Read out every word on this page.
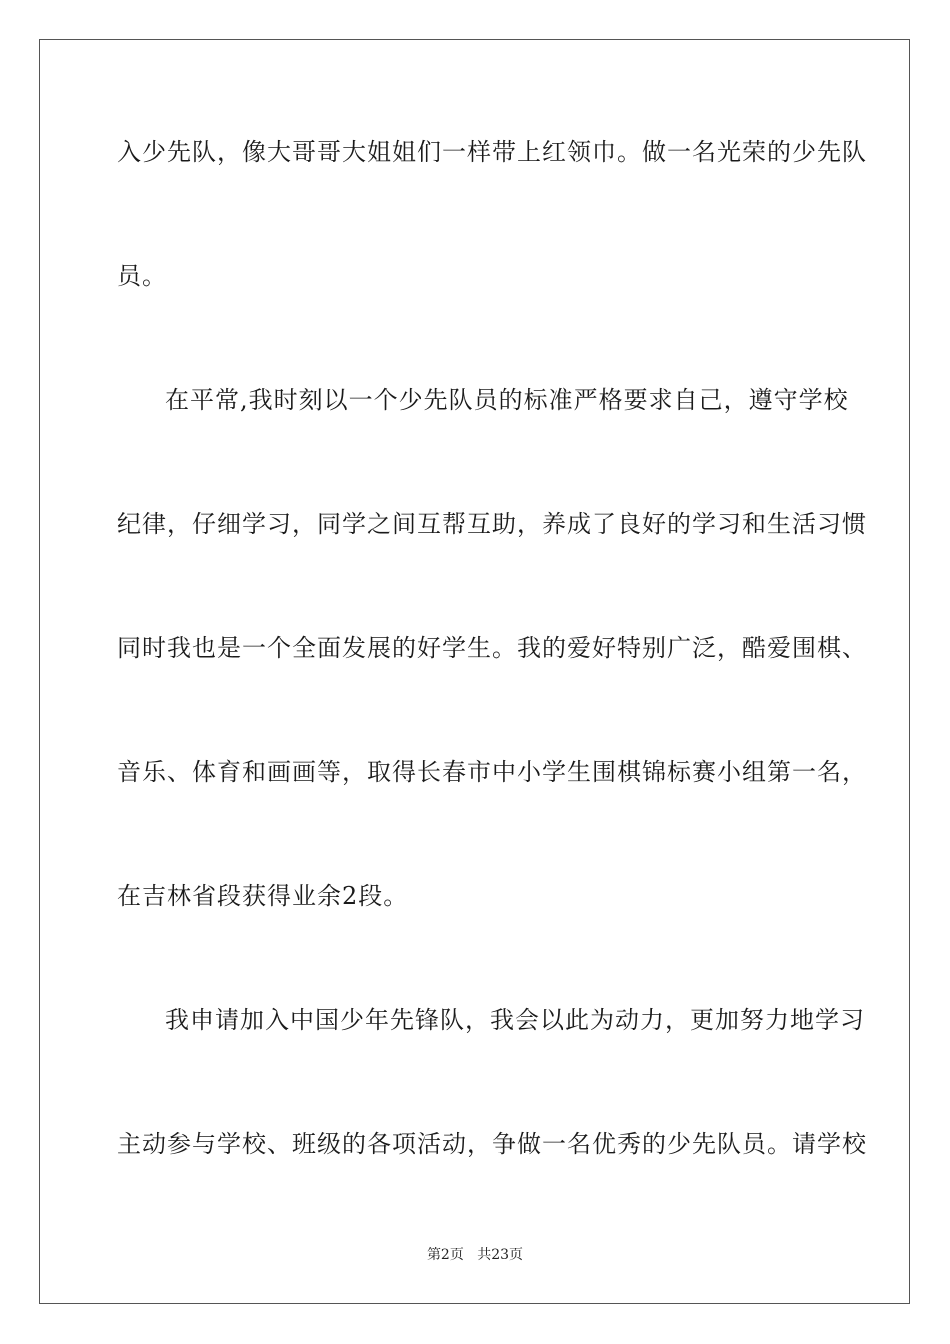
入少先队，像大哥哥大姐姐们一样带上红领巾。做一名光荣的少先队
员。
在平常,我时刻以一个少先队员的标准严格要求自己，遵守学校
纪律，仔细学习，同学之间互帮互助，养成了良好的学习和生活习惯
同时我也是一个全面发展的好学生。我的爱好特别广泛，酷爱围棋、
音乐、体育和画画等，取得长春市中小学生围棋锦标赛小组第一名，
在吉林省段获得业余2段。
我申请加入中国少年先锋队，我会以此为动力，更加努力地学习
主动参与学校、班级的各项活动，争做一名优秀的少先队员。请学校
第2页 共23页
